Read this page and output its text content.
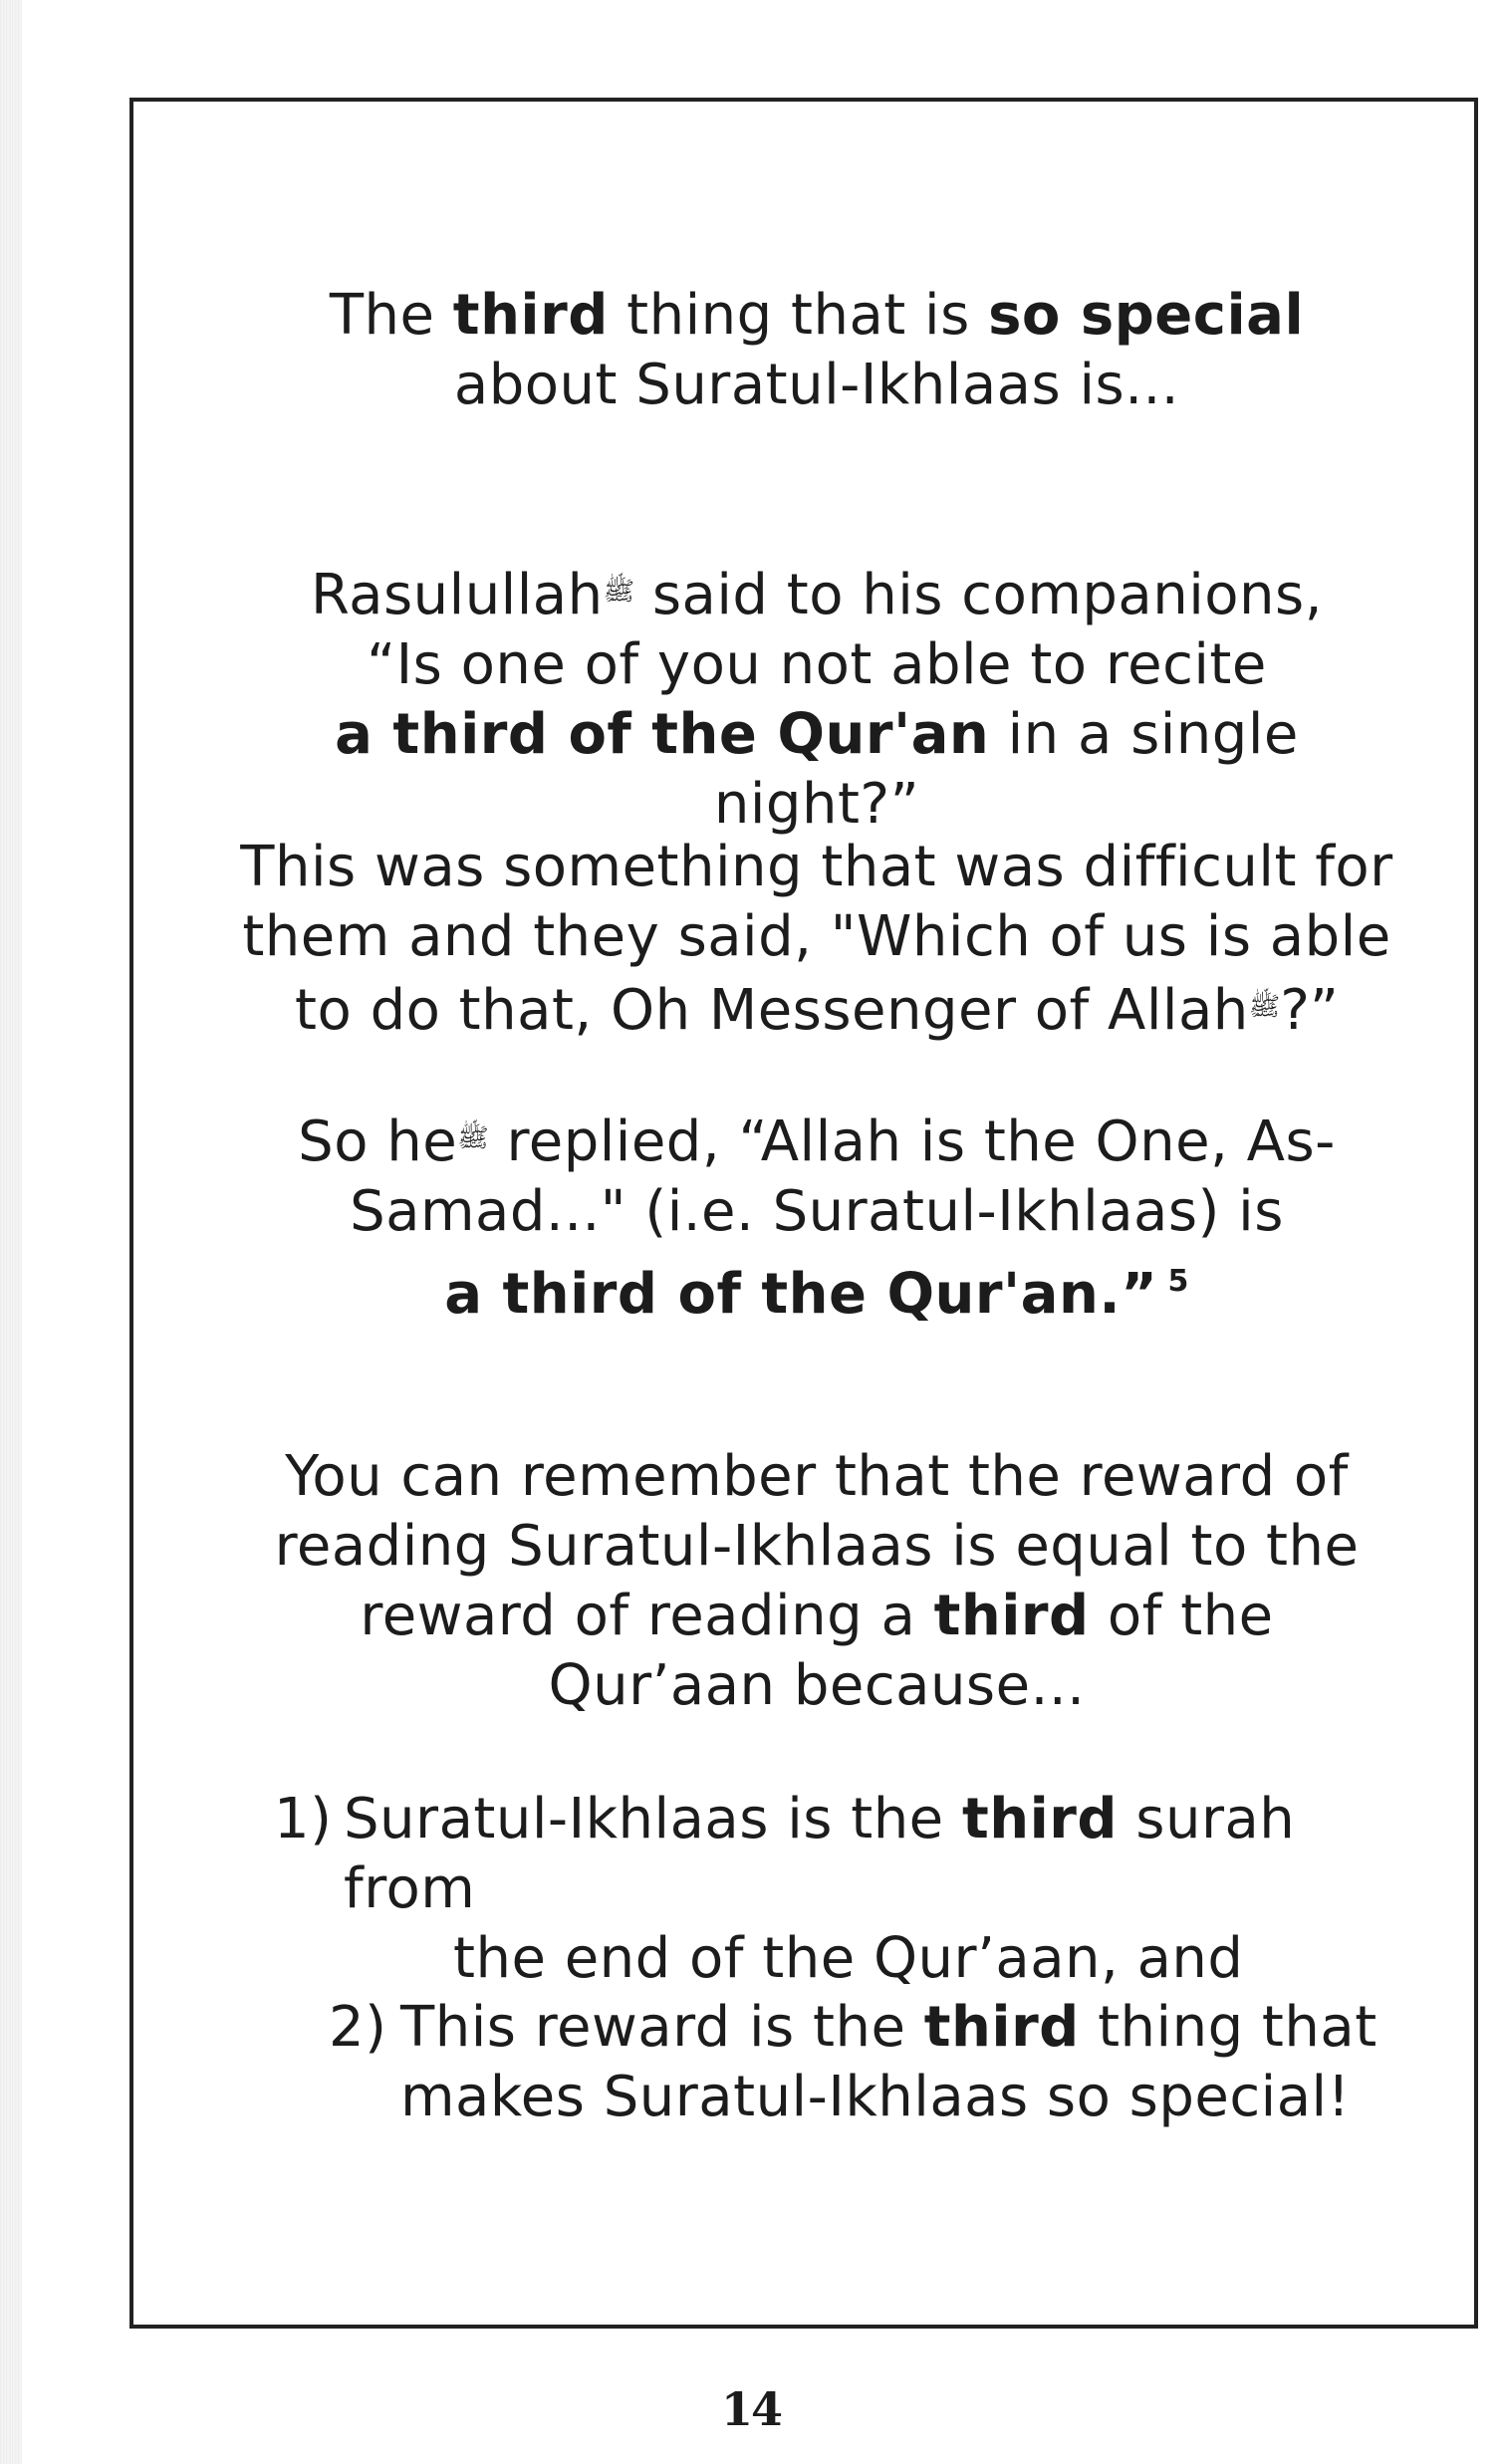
The third thing that is so special
about Suratul-Ikhlaas is...

Rasulullah$^ﷺ$ said to his companions,
“Is one of you not able to recite
a third of the Qur'an in a single night?”

This was something that was difficult for
them and they said, "Which of us is able
to do that, Oh Messenger of Allah$^ﷺ$?”

So $he^ﷺ$ replied, “Allah is the One, As-
Samad..." (i.e. Suratul-Ikhlaas) is
a third of the Qur'an.” $^5$

You can remember that the reward of
reading Suratul-Ikhlaas is equal to the
reward of reading a third of the
Qur’aan because...

1) Suratul-Ikhlaas is the third surah from
the end of the Qur’aan, and
2) This reward is the third thing that
makes Suratul-Ikhlaas so special!
14
